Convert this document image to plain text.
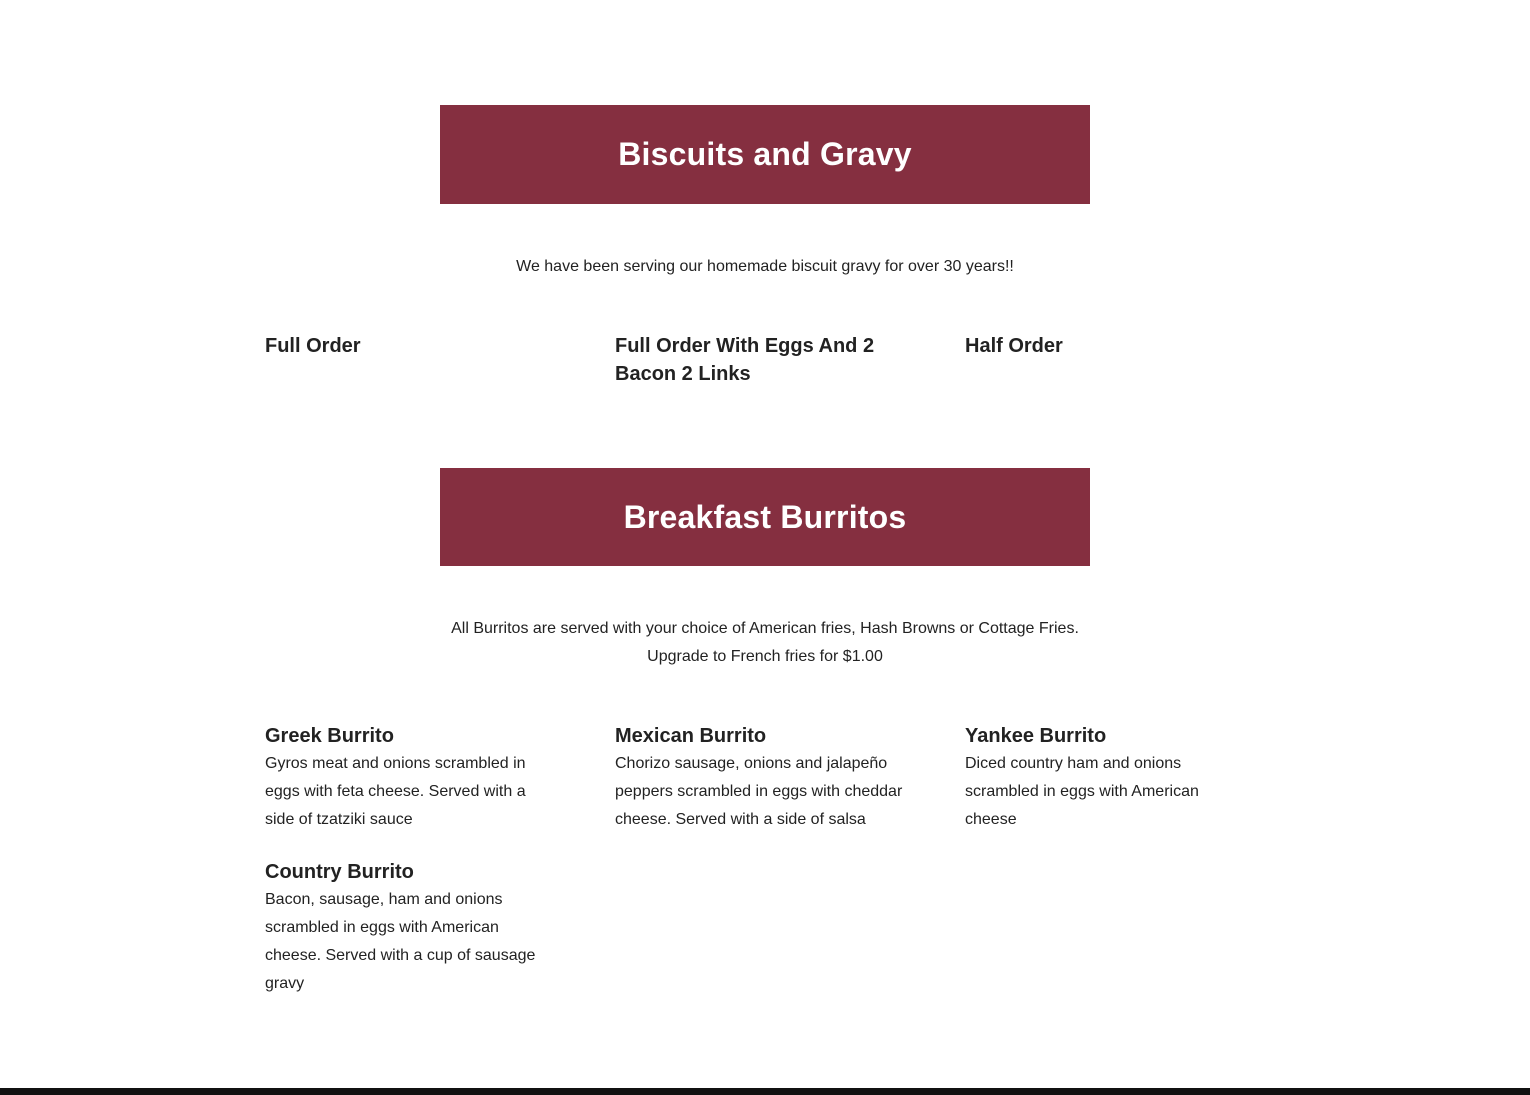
Biscuits and Gravy
We have been serving our homemade biscuit gravy for over 30 years!!
Full Order	Full Order With Eggs And 2 Bacon 2 Links
Half Order
Breakfast Burritos
All Burritos are served with your choice of American fries, Hash Browns or Cottage Fries.
Upgrade to French fries for $1.00
Greek Burrito

Gyros meat and onions scrambled in eggs with feta cheese. Served with a side of tzatziki sauce

Mexican Burrito

Chorizo sausage, onions and jalapeño peppers scrambled in eggs with cheddar cheese. Served with a side of salsa

Yankee Burrito

Diced country ham and onions scrambled in eggs with American cheese

Country Burrito

Bacon, sausage, ham and onions scrambled in eggs with American cheese. Served with a cup of sausage gravy
